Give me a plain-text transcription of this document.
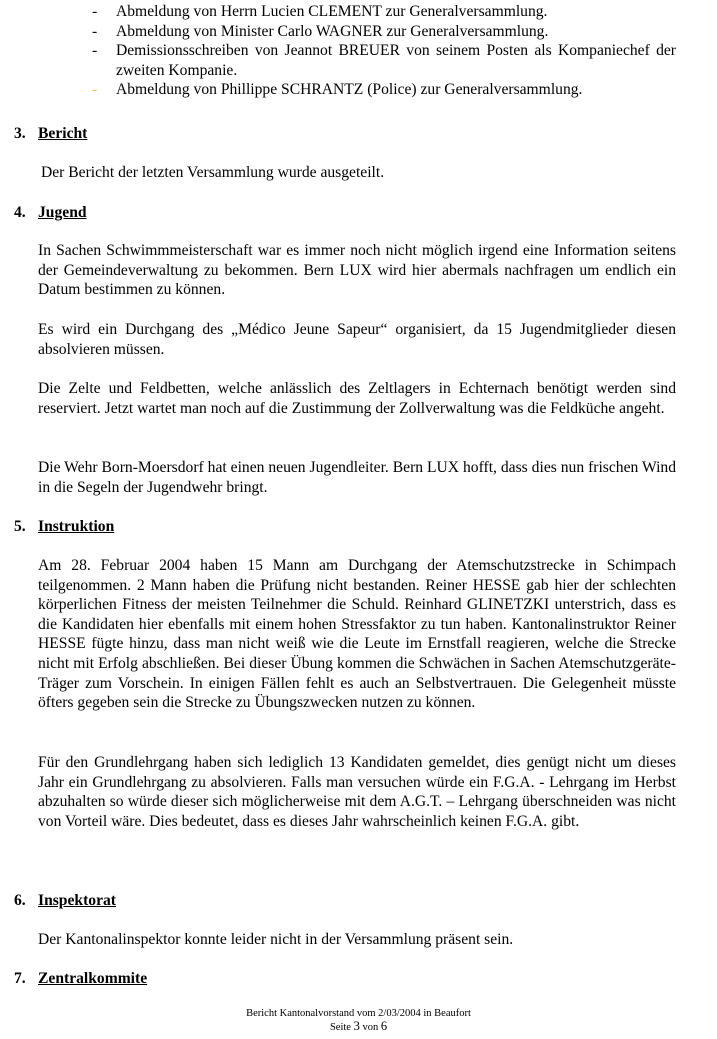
- Abmeldung von Herrn Lucien CLEMENT zur Generalversammlung.
- Abmeldung von Minister Carlo WAGNER zur Generalversammlung.
- Demissionsschreiben von Jeannot BREUER von seinem Posten als Kompaniechef der zweiten Kompanie.
- Abmeldung von Phillippe SCHRANTZ (Police) zur Generalversammlung.
3. Bericht
Der Bericht der letzten Versammlung wurde ausgeteilt.
4. Jugend
In Sachen Schwimmmeisterschaft war es immer noch nicht möglich irgend eine Information seitens der Gemeindeverwaltung zu bekommen. Bern LUX wird hier abermals nachfragen um endlich ein Datum bestimmen zu können.
Es wird ein Durchgang des „Médico Jeune Sapeur“ organisiert, da 15 Jugendmitglieder diesen absolvieren müssen.
Die Zelte und Feldbetten, welche anlässlich des Zeltlagers in Echternach benötigt werden sind reserviert. Jetzt wartet man noch auf die Zustimmung der Zollverwaltung was die Feldküche angeht.
Die Wehr Born-Moersdorf hat einen neuen Jugendleiter. Bern LUX hofft, dass dies nun frischen Wind in die Segeln der Jugendwehr bringt.
5. Instruktion
Am 28. Februar 2004 haben 15 Mann am Durchgang der Atemschutzstrecke in Schimpach teilgenommen. 2 Mann haben die Prüfung nicht bestanden. Reiner HESSE gab hier der schlechten körperlichen Fitness der meisten Teilnehmer die Schuld. Reinhard GLINETZKI unterstrich, dass es die Kandidaten hier ebenfalls mit einem hohen Stressfaktor zu tun haben. Kantonalinstruktor Reiner HESSE fügte hinzu, dass man nicht weiß wie die Leute im Ernstfall reagieren, welche die Strecke nicht mit Erfolg abschließen. Bei dieser Übung kommen die Schwächen in Sachen Atemschutzgeräte-Träger zum Vorschein. In einigen Fällen fehlt es auch an Selbstvertrauen. Die Gelegenheit müsste öfters gegeben sein die Strecke zu Übungszwecken nutzen zu können.
Für den Grundlehrgang haben sich lediglich 13 Kandidaten gemeldet, dies genügt nicht um dieses Jahr ein Grundlehrgang zu absolvieren. Falls man versuchen würde ein F.G.A. - Lehrgang im Herbst abzuhalten so würde dieser sich möglicherweise mit dem A.G.T. – Lehrgang überschneiden was nicht von Vorteil wäre. Dies bedeutet, dass es dieses Jahr wahrscheinlich keinen F.G.A. gibt.
6. Inspektorat
Der Kantonalinspektor konnte leider nicht in der Versammlung präsent sein.
7. Zentralkommite
Bericht Kantonalvorstand vom 2/03/2004 in Beaufort
Seite 3 von 6
